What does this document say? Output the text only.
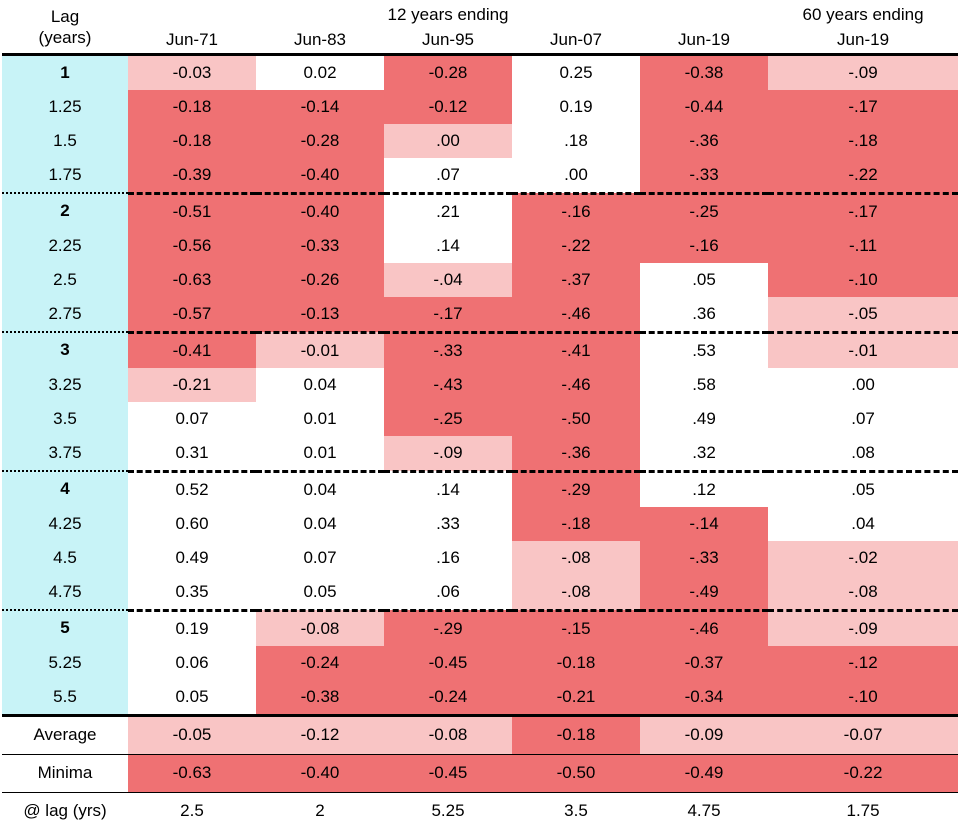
Lag
(years)	12 years ending					60 years ending
	Jun-71	Jun-83	Jun-95	Jun-07	Jun-19	Jun-19
1	-0.03	0.02	-0.28	0.25	-0.38	-.09
1.25	-0.18	-0.14	-0.12	0.19	-0.44	-.17
1.5	-0.18	-0.28	.00	.18	-.36	-.18
1.75	-0.39	-0.40	.07	.00	-.33	-.22
2	-0.51	-0.40	.21	-.16	-.25	-.17
2.25	-0.56	-0.33	.14	-.22	-.16	-.11
2.5	-0.63	-0.26	-.04	-.37	.05	-.10
2.75	-0.57	-0.13	-.17	-.46	.36	-.05
3	-0.41	-0.01	-.33	-.41	.53	-.01
3.25	-0.21	0.04	-.43	-.46	.58	.00
3.5	0.07	0.01	-.25	-.50	.49	.07
3.75	0.31	0.01	-.09	-.36	.32	.08
4	0.52	0.04	.14	-.29	.12	.05
4.25	0.60	0.04	.33	-.18	-.14	.04
4.5	0.49	0.07	.16	-.08	-.33	-.02
4.75	0.35	0.05	.06	-.08	-.49	-.08
5	0.19	-0.08	-.29	-.15	-.46	-.09
5.25	0.06	-0.24	-0.45	-0.18	-0.37	-.12
5.5	0.05	-0.38	-0.24	-0.21	-0.34	-.10
Average	-0.05	-0.12	-0.08	-0.18	-0.09	-0.07
Minima	-0.63	-0.40	-0.45	-0.50	-0.49	-0.22
@ lag (yrs)	2.5	2	5.25	3.5	4.75	1.75
